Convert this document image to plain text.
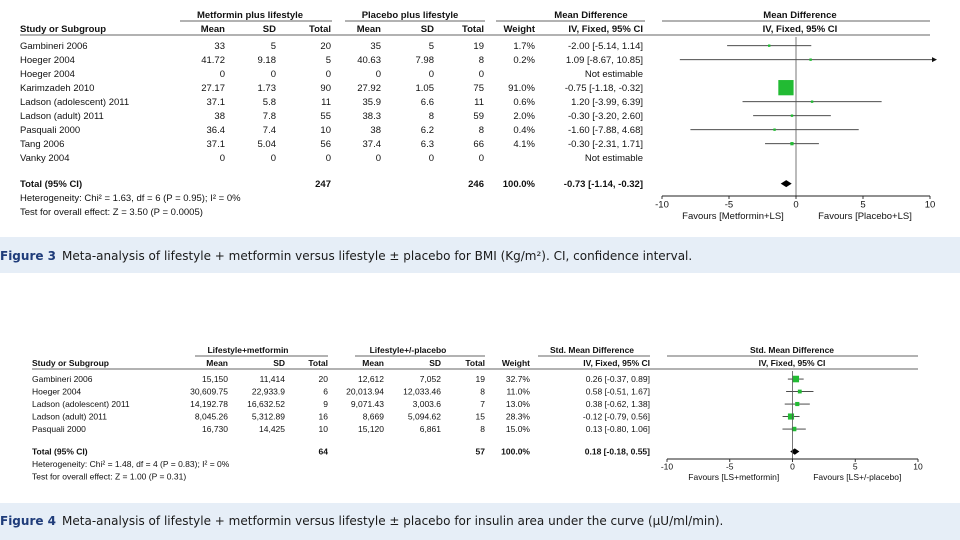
Metformin plus lifestyle	Placebo plus lifestyle	Mean Difference	Mean Difference
Study or Subgroup	Mean	SD	Total	Mean	SD	Total Weight	IV, Fixed, 95% CI	IV, Fixed, 95% CI
Gambineri 2006	33	5	20	35	5	19	1.7%	-2.00 [-5.14, 1.14]
Hoeger 2004	41.72	9.18	5	40.63	7.98	8	0.2%	1.09 [-8.67, 10.85]
Hoeger 2004	0	0	0	0	0	0	Not estimable
Karimzadeh 2010	27.17	1.73	90	27.92	1.05	75	91.0%	-0.75 [-1.18, -0.32]
Ladson (adolescent) 2011	37.1	5.8	11	35.9	6.6	11	0.6%	1.20 [-3.99, 6.39]
Ladson (adult) 2011	38	7.8	55	38.3	8	59	2.0%	-0.30 [-3.20, 2.60]
Pasquali 2000	36.4	7.4	10	38	6.2	8	0.4%	-1.60 [-7.88, 4.68]
Tang 2006	37.1	5.04	56	37.4	6.3	66	4.1%	-0.30 [-2.31, 1.71]
Vanky 2004	0	0	0	0	0	0	Not estimable
Total (95% CI)	247	246 100.0%	-0.73 [-1.14, -0.32]
Heterogeneity: Chi² = 1.63, df = 6 (P = 0.95); I² = 0%
Test for overall effect: Z = 3.50 (P = 0.0005)
-10	-5	0	5	10
Favours [Metformin+LS]	Favours [Placebo+LS]
Figure 3 Meta-analysis of lifestyle + metformin versus lifestyle ± placebo for BMI (Kg/m²). CI, confidence interval.
Lifestyle+metformin	Lifestyle+/-placebo	Std. Mean Difference	Std. Mean Difference
Study or Subgroup	Mean	SD	Total	Mean	SD	Total Weight	IV, Fixed, 95% CI	IV, Fixed, 95% CI
Gambineri 2006	15,150	11,414	20	12,612	7,052	19 32.7%	0.26 [-0.37, 0.89]
Hoeger 2004	30,609.75	22,933.9	6 20,013.94 12,033.46	8	11.0%	0.58 [-0.51, 1.67]
Ladson (adolescent) 2011	14,192.78 16,632.52	9	9,071.43	3,003.6	7 13.0%	0.38 [-0.62, 1.38]
Ladson (adult) 2011	8,045.26	5,312.89	16	8,669	5,094.62	15 28.3%	-0.12 [-0.79, 0.56]
Pasquali 2000	16,730	14,425	10	15,120	6,861	8 15.0%	0.13 [-0.80, 1.06]
Total (95% CI)	64	57 100.0%	0.18 [-0.18, 0.55]
Heterogeneity: Chi² = 1.48, df = 4 (P = 0.83); I² = 0%
Test for overall effect: Z = 1.00 (P = 0.31)
-10	-5	0	5	10
Favours [LS+metformin]	Favours [LS+/-placebo]
Figure 4 Meta-analysis of lifestyle + metformin versus lifestyle ± placebo for insulin area under the curve (μU/ml/min).
